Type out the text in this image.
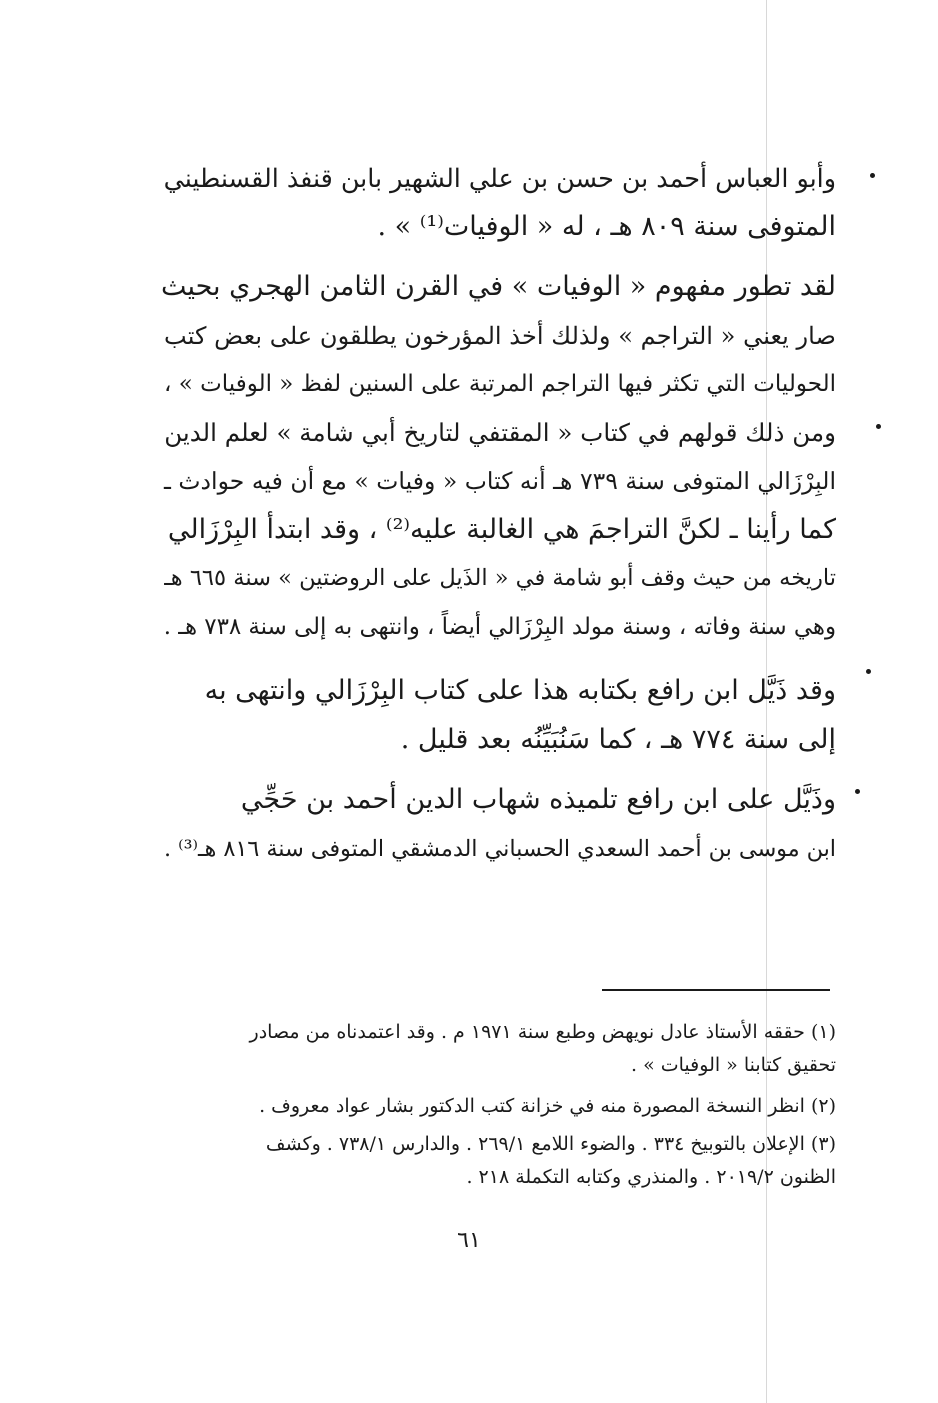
وأبو العباس أحمد بن حسن بن علي الشهير بابن قنفذ القسنطيني
المتوفى سنة ٨٠٩ هـ ، له « الوفيات⁽¹⁾ » .

لقد تطور مفهوم « الوفيات » في القرن الثامن الهجري بحيث
صار يعني « التراجم » ولذلك أخذ المؤرخون يطلقون على بعض كتب
الحوليات التي تكثر فيها التراجم المرتبة على السنين لفظ « الوفيات » ،
ومن ذلك قولهم في كتاب « المقتفي لتاريخ أبي شامة » لعلم الدين
البِرْزَالي المتوفى سنة ٧٣٩ هـ أنه كتاب « وفيات » مع أن فيه حوادث ـ
كما رأينا ـ لكنَّ التراجمَ هي الغالبة عليه⁽²⁾ ، وقد ابتدأ البِرْزَالي
تاريخه من حيث وقف أبو شامة في « الذَيل على الروضتين » سنة ٦٦٥ هـ
وهي سنة وفاته ، وسنة مولد البِرْزَالي أيضاً ، وانتهى به إلى سنة ٧٣٨ هـ .

وقد ذَيَّل ابن رافع بكتابه هذا على كتاب البِرْزَالي وانتهى به
إلى سنة ٧٧٤ هـ ، كما سَنُبَيِّنُه بعد قليل .

وذَيَّل على ابن رافع تلميذه شهاب الدين أحمد بن حَجِّي
ابن موسى بن أحمد السعدي الحسباني الدمشقي المتوفى سنة ٨١٦ هـ⁽³⁾ .

(١) حققه الأستاذ عادل نويهض وطبع سنة ١٩٧١ م . وقد اعتمدناه من مصادر
تحقيق كتابنا « الوفيات » .

(٢) انظر النسخة المصورة منه في خزانة كتب الدكتور بشار عواد معروف .

(٣) الإعلان بالتوبيخ ٣٣٤ . والضوء اللامع ٢٦٩/١ . والدارس ٧٣٨/١ . وكشف
الظنون ٢٠١٩/٢ . والمنذري وكتابه التكملة ٢١٨ .

٦١
